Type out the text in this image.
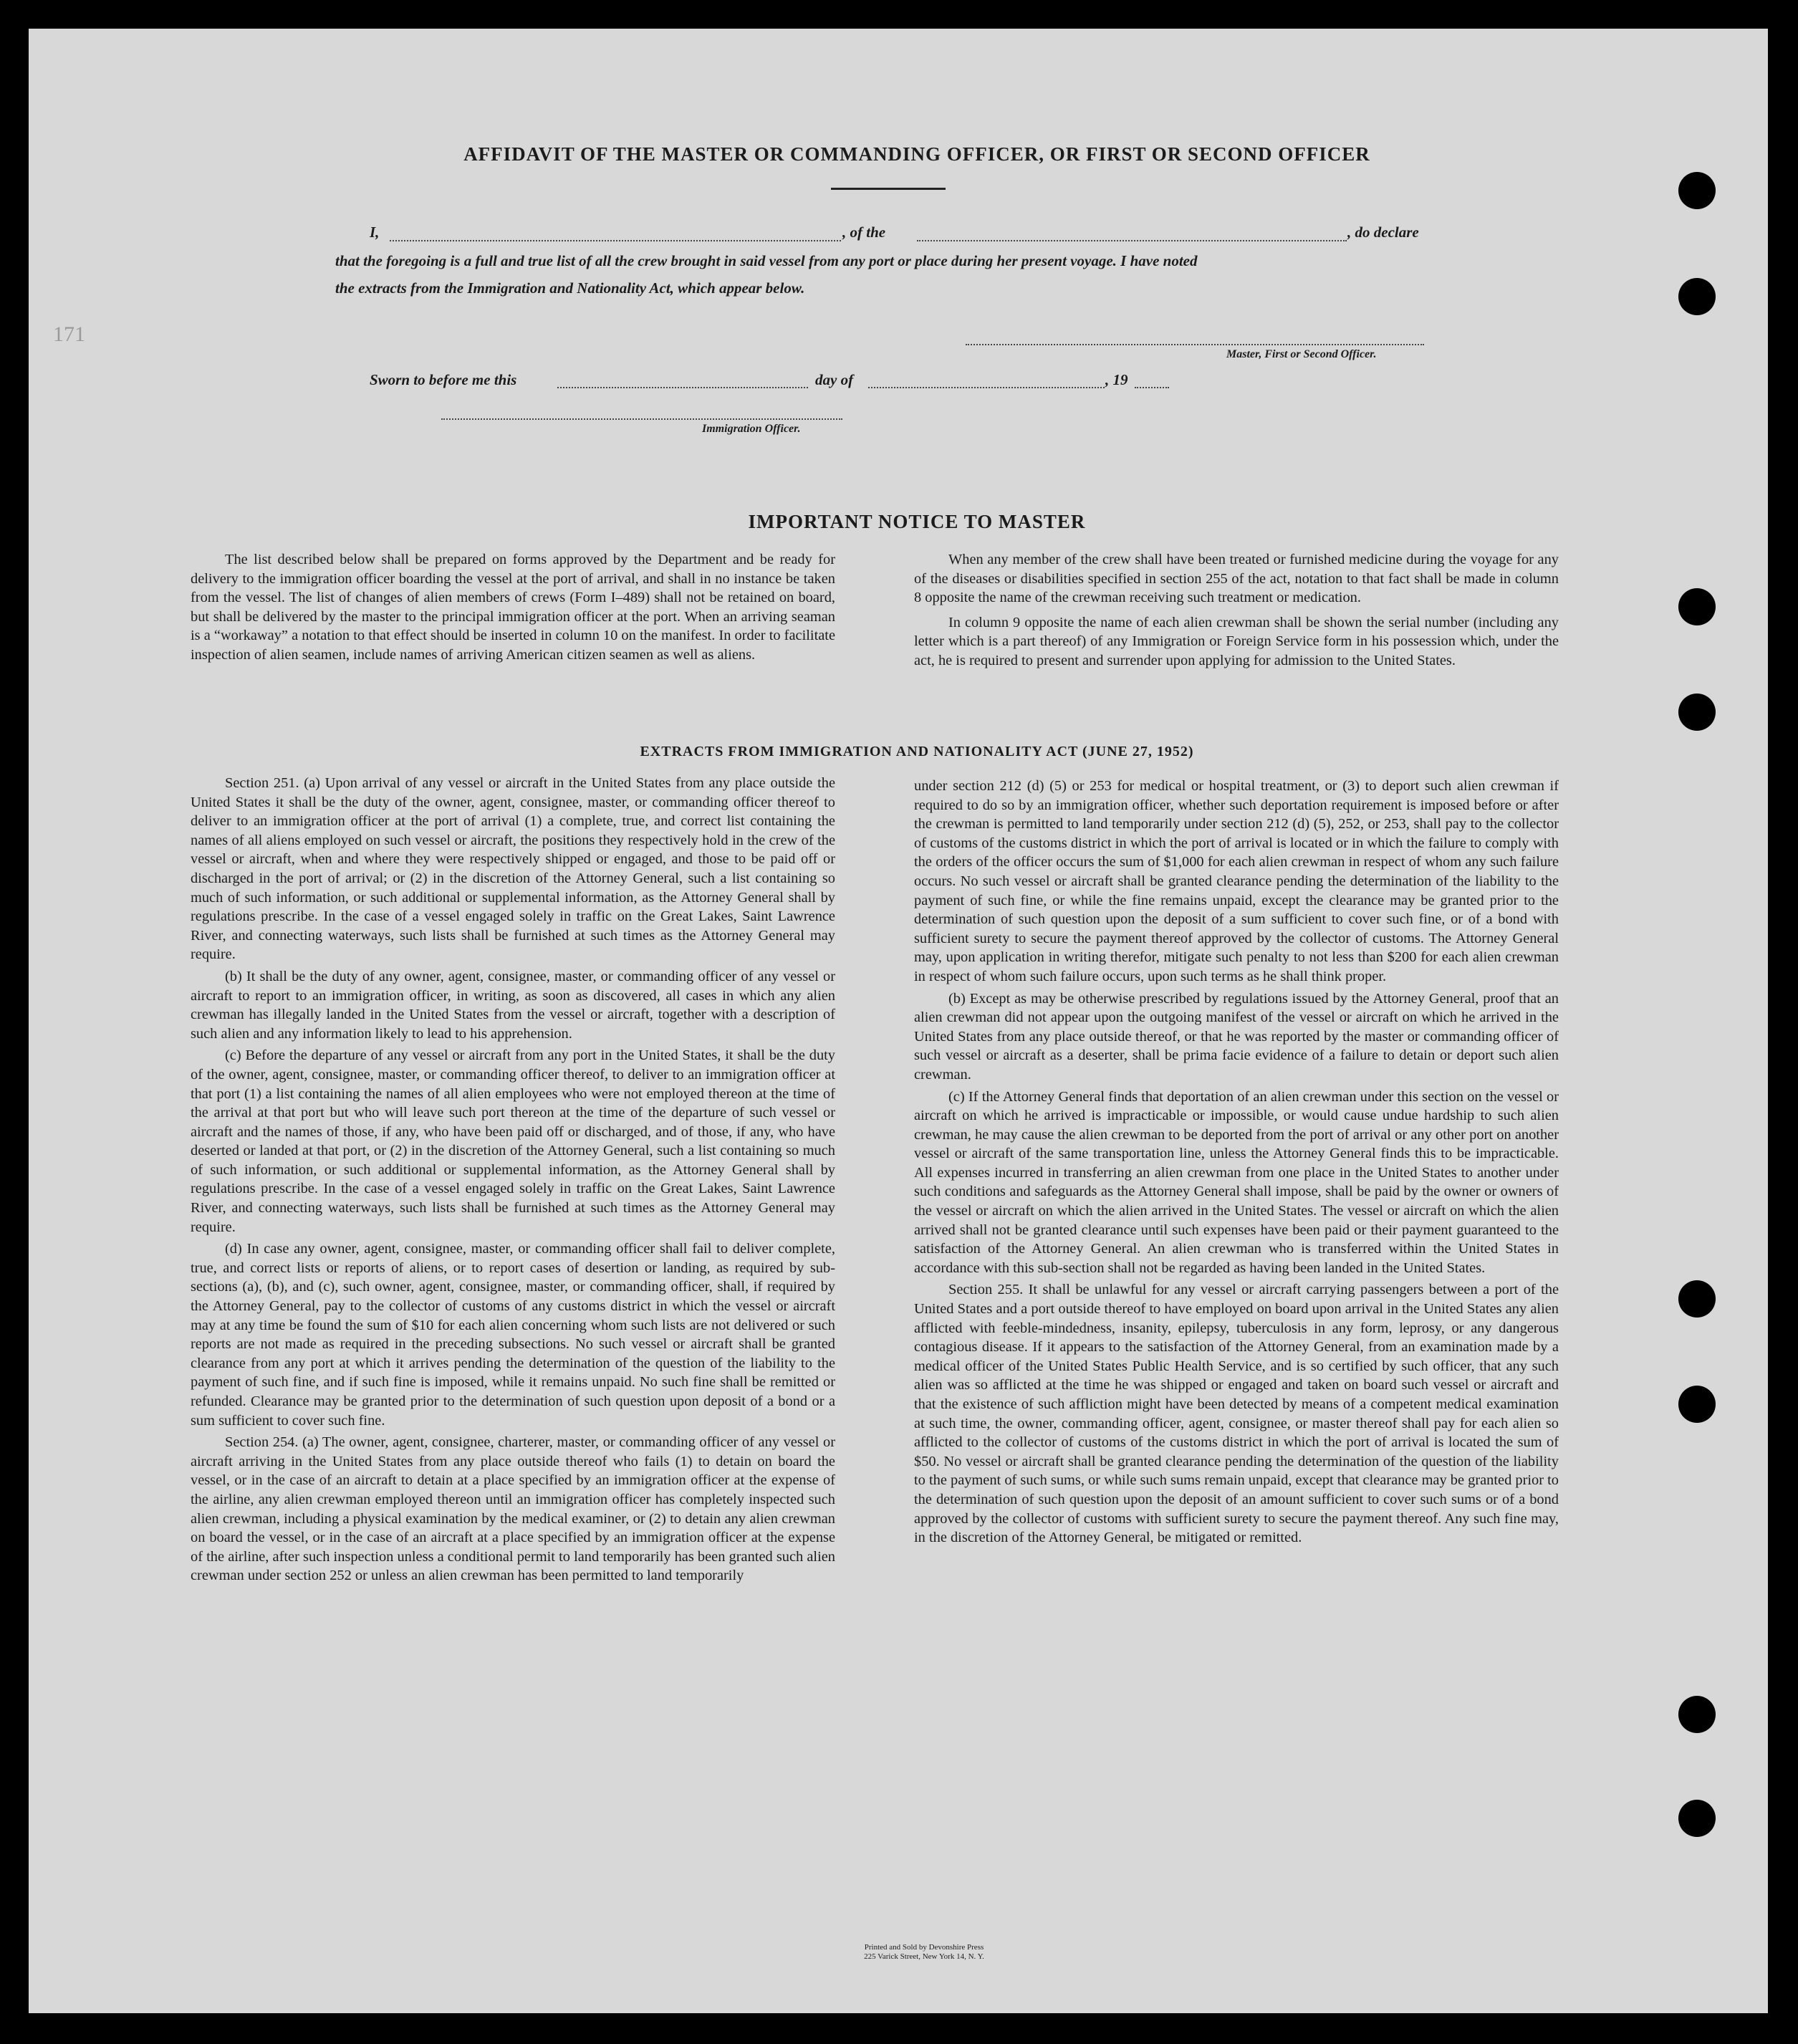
171
AFFIDAVIT OF THE MASTER OR COMMANDING OFFICER, OR FIRST OR SECOND OFFICER
I,	, of the	, do declare
that the foregoing is a full and true list of all the crew brought in said vessel from any port or place during her present voyage. I have noted
the extracts from the Immigration and Nationality Act, which appear below.
Master, First or Second Officer.
Sworn to before me this	day of	, 19
Immigration Officer.
IMPORTANT NOTICE TO MASTER

The list described below shall be prepared on forms approved by the Department and be ready for delivery to the immigration officer boarding the vessel at the port of arrival, and shall in no instance be taken from the vessel. The list of changes of alien members of crews (Form I–489) shall not be retained on board, but shall be delivered by the master to the principal immigration officer at the port. When an arriving seaman is a “workaway” a notation to that effect should be inserted in column 10 on the manifest. In order to facilitate inspection of alien seamen, include names of arriving American citizen seamen as well as aliens.

When any member of the crew shall have been treated or furnished medicine during the voyage for any of the diseases or disabilities specified in section 255 of the act, notation to that fact shall be made in column 8 opposite the name of the crewman receiving such treatment or medication.

In column 9 opposite the name of each alien crewman shall be shown the serial number (including any letter which is a part thereof) of any Immigration or Foreign Service form in his possession which, under the act, he is required to present and surrender upon applying for admission to the United States.

EXTRACTS FROM IMMIGRATION AND NATIONALITY ACT (JUNE 27, 1952)

Section 251. (a) Upon arrival of any vessel or aircraft in the United States from any place outside the United States it shall be the duty of the owner, agent, consignee, master, or commanding officer thereof to deliver to an immigration officer at the port of arrival (1) a complete, true, and correct list containing the names of all aliens employed on such vessel or aircraft, the positions they respectively hold in the crew of the vessel or aircraft, when and where they were respectively shipped or engaged, and those to be paid off or discharged in the port of arrival; or (2) in the discretion of the Attorney General, such a list containing so much of such information, or such additional or supplemental information, as the Attorney General shall by regulations prescribe. In the case of a vessel engaged solely in traffic on the Great Lakes, Saint Lawrence River, and connecting waterways, such lists shall be furnished at such times as the Attorney General may require.

(b) It shall be the duty of any owner, agent, consignee, master, or commanding officer of any vessel or aircraft to report to an immigration officer, in writing, as soon as discovered, all cases in which any alien crewman has illegally landed in the United States from the vessel or aircraft, together with a description of such alien and any information likely to lead to his apprehension.

(c) Before the departure of any vessel or aircraft from any port in the United States, it shall be the duty of the owner, agent, consignee, master, or commanding officer thereof, to deliver to an immigration officer at that port (1) a list containing the names of all alien employees who were not employed thereon at the time of the arrival at that port but who will leave such port thereon at the time of the departure of such vessel or aircraft and the names of those, if any, who have been paid off or discharged, and of those, if any, who have deserted or landed at that port, or (2) in the discretion of the Attorney General, such a list containing so much of such information, or such additional or supplemental information, as the Attorney General shall by regulations prescribe. In the case of a vessel engaged solely in traffic on the Great Lakes, Saint Lawrence River, and connecting waterways, such lists shall be furnished at such times as the Attorney General may require.

(d) In case any owner, agent, consignee, master, or commanding officer shall fail to deliver complete, true, and correct lists or reports of aliens, or to report cases of desertion or landing, as required by sub-sections (a), (b), and (c), such owner, agent, consignee, master, or commanding officer, shall, if required by the Attorney General, pay to the collector of customs of any customs district in which the vessel or aircraft may at any time be found the sum of $10 for each alien concerning whom such lists are not delivered or such reports are not made as required in the preceding subsections. No such vessel or aircraft shall be granted clearance from any port at which it arrives pending the determination of the question of the liability to the payment of such fine, and if such fine is imposed, while it remains unpaid. No such fine shall be remitted or refunded. Clearance may be granted prior to the determination of such question upon deposit of a bond or a sum sufficient to cover such fine.

Section 254. (a) The owner, agent, consignee, charterer, master, or commanding officer of any vessel or aircraft arriving in the United States from any place outside thereof who fails (1) to detain on board the vessel, or in the case of an aircraft to detain at a place specified by an immigration officer at the expense of the airline, any alien crewman employed thereon until an immigration officer has completely inspected such alien crewman, including a physical examination by the medical examiner, or (2) to detain any alien crewman on board the vessel, or in the case of an aircraft at a place specified by an immigration officer at the expense of the airline, after such inspection unless a conditional permit to land temporarily has been granted such alien crewman under section 252 or unless an alien crewman has been permitted to land temporarily

under section 212 (d) (5) or 253 for medical or hospital treatment, or (3) to deport such alien crewman if required to do so by an immigration officer, whether such deportation requirement is imposed before or after the crewman is permitted to land temporarily under section 212 (d) (5), 252, or 253, shall pay to the collector of customs of the customs district in which the port of arrival is located or in which the failure to comply with the orders of the officer occurs the sum of $1,000 for each alien crewman in respect of whom any such failure occurs. No such vessel or aircraft shall be granted clearance pending the determination of the liability to the payment of such fine, or while the fine remains unpaid, except the clearance may be granted prior to the determination of such question upon the deposit of a sum sufficient to cover such fine, or of a bond with sufficient surety to secure the payment thereof approved by the collector of customs. The Attorney General may, upon application in writing therefor, mitigate such penalty to not less than $200 for each alien crewman in respect of whom such failure occurs, upon such terms as he shall think proper.

(b) Except as may be otherwise prescribed by regulations issued by the Attorney General, proof that an alien crewman did not appear upon the outgoing manifest of the vessel or aircraft on which he arrived in the United States from any place outside thereof, or that he was reported by the master or commanding officer of such vessel or aircraft as a deserter, shall be prima facie evidence of a failure to detain or deport such alien crewman.

(c) If the Attorney General finds that deportation of an alien crewman under this section on the vessel or aircraft on which he arrived is impracticable or impossible, or would cause undue hardship to such alien crewman, he may cause the alien crewman to be deported from the port of arrival or any other port on another vessel or aircraft of the same transportation line, unless the Attorney General finds this to be impracticable. All expenses incurred in transferring an alien crewman from one place in the United States to another under such conditions and safeguards as the Attorney General shall impose, shall be paid by the owner or owners of the vessel or aircraft on which the alien arrived in the United States. The vessel or aircraft on which the alien arrived shall not be granted clearance until such expenses have been paid or their payment guaranteed to the satisfaction of the Attorney General. An alien crewman who is transferred within the United States in accordance with this sub-section shall not be regarded as having been landed in the United States.

Section 255. It shall be unlawful for any vessel or aircraft carrying passengers between a port of the United States and a port outside thereof to have employed on board upon arrival in the United States any alien afflicted with feeble-mindedness, insanity, epilepsy, tuberculosis in any form, leprosy, or any dangerous contagious disease. If it appears to the satisfaction of the Attorney General, from an examination made by a medical officer of the United States Public Health Service, and is so certified by such officer, that any such alien was so afflicted at the time he was shipped or engaged and taken on board such vessel or aircraft and that the existence of such affliction might have been detected by means of a competent medical examination at such time, the owner, commanding officer, agent, consignee, or master thereof shall pay for each alien so afflicted to the collector of customs of the customs district in which the port of arrival is located the sum of $50. No vessel or aircraft shall be granted clearance pending the determination of the question of the liability to the payment of such sums, or while such sums remain unpaid, except that clearance may be granted prior to the determination of such question upon the deposit of an amount sufficient to cover such sums or of a bond approved by the collector of customs with sufficient surety to secure the payment thereof. Any such fine may, in the discretion of the Attorney General, be mitigated or remitted.

Printed and Sold by Devonshire Press
225 Varick Street, New York 14, N. Y.
